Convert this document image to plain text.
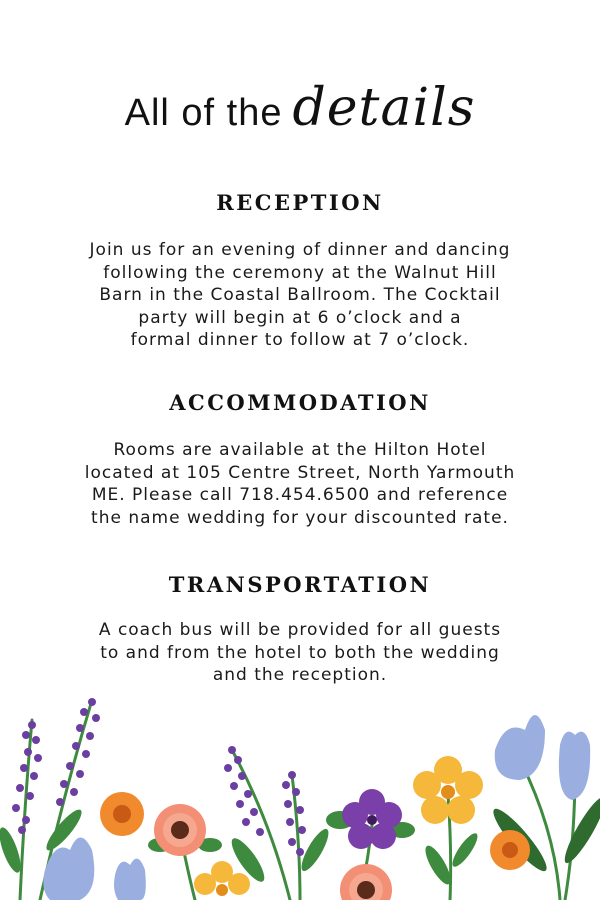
All of the details
RECEPTION

Join us for an evening of dinner and dancing
following the ceremony at the Walnut Hill
Barn in the Coastal Ballroom. The Cocktail
party will begin at 6 o’clock and a
formal dinner to follow at 7 o’clock.

ACCOMMODATION

Rooms are available at the Hilton Hotel
located at 105 Centre Street, North Yarmouth
ME. Please call 718.454.6500 and reference
the name wedding for your discounted rate.

TRANSPORTATION

A coach bus will be provided for all guests
to and from the hotel to both the wedding
and the reception.
